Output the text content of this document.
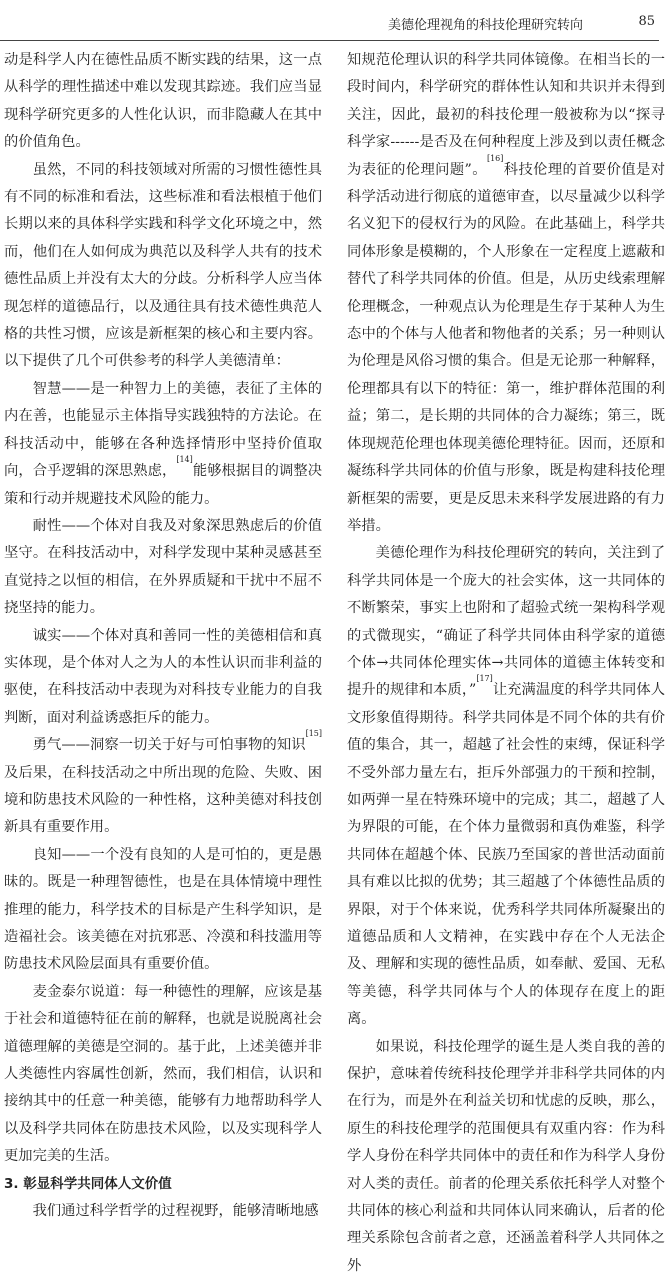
美德伦理视角的科技伦理研究转向	85

动是科学人内在德性品质不断实践的结果，这一点从科学的理性描述中难以发现其踪迹。我们应当显现科学研究更多的人性化认识，而非隐藏人在其中的价值角色。

虽然，不同的科技领域对所需的习惯性德性具有不同的标准和看法，这些标准和看法根植于他们长期以来的具体科学实践和科学文化环境之中，然而，他们在人如何成为典范以及科学人共有的技术德性品质上并没有太大的分歧。分析科学人应当体现怎样的道德品行，以及通往具有技术德性典范人格的共性习惯，应该是新框架的核心和主要内容。以下提供了几个可供参考的科学人美德清单：

智慧——是一种智力上的美德，表征了主体的内在善，也能显示主体指导实践独特的方法论。在科技活动中，能够在各种选择情形中坚持价值取向，合乎逻辑的深思熟虑，[14]能够根据目的调整决策和行动并规避技术风险的能力。

耐性——个体对自我及对象深思熟虑后的价值坚守。在科技活动中，对科学发现中某种灵感甚至直觉持之以恒的相信，在外界质疑和干扰中不屈不挠坚持的能力。

诚实——个体对真和善同一性的美德相信和真实体现，是个体对人之为人的本性认识而非利益的驱使，在科技活动中表现为对科技专业能力的自我判断，面对利益诱惑拒斥的能力。

勇气——洞察一切关于好与可怕事物的知识[15]及后果，在科技活动之中所出现的危险、失败、困境和防患技术风险的一种性格，这种美德对科技创新具有重要作用。

良知——一个没有良知的人是可怕的，更是愚昧的。既是一种理智德性，也是在具体情境中理性推理的能力，科学技术的目标是产生科学知识，是造福社会。该美德在对抗邪恶、冷漠和科技滥用等防患技术风险层面具有重要价值。

麦金泰尔说道：每一种德性的理解，应该是基于社会和道德特征在前的解释，也就是说脱离社会道德理解的美德是空洞的。基于此，上述美德并非人类德性内容属性创新，然而，我们相信，认识和接纳其中的任意一种美德，能够有力地帮助科学人以及科学共同体在防患技术风险，以及实现科学人更加完美的生活。

3. 彰显科学共同体人文价值

我们通过科学哲学的过程视野，能够清晰地感

知规范伦理认识的科学共同体镜像。在相当长的一段时间内，科学研究的群体性认知和共识并未得到关注，因此，最初的科技伦理一般被称为以“探寻科学家------是否及在何种程度上涉及到以责任概念为表征的伦理问题”。[16]科技伦理的首要价值是对科学活动进行彻底的道德审查，以尽量减少以科学名义犯下的侵权行为的风险。在此基础上，科学共同体形象是模糊的，个人形象在一定程度上遮蔽和替代了科学共同体的价值。但是，从历史线索理解伦理概念，一种观点认为伦理是生存于某种人为生态中的个体与人他者和物他者的关系；另一种则认为伦理是风俗习惯的集合。但是无论那一种解释，伦理都具有以下的特征：第一，维护群体范围的利益；第二，是长期的共同体的合力凝练；第三，既体现规范伦理也体现美德伦理特征。因而，还原和凝练科学共同体的价值与形象，既是构建科技伦理新框架的需要，更是反思未来科学发展进路的有力举措。

美德伦理作为科技伦理研究的转向，关注到了科学共同体是一个庞大的社会实体，这一共同体的不断繁荣，事实上也附和了超验式统一架构科学观的式微现实，“确证了科学共同体由科学家的道德个体→共同体伦理实体→共同体的道德主体转变和提升的规律和本质，”[17]让充满温度的科学共同体人文形象值得期待。科学共同体是不同个体的共有价值的集合，其一，超越了社会性的束缚，保证科学不受外部力量左右，拒斥外部强力的干预和控制，如两弹一星在特殊环境中的完成；其二，超越了人为界限的可能，在个体力量微弱和真伪难鉴，科学共同体在超越个体、民族乃至国家的普世活动面前具有难以比拟的优势；其三超越了个体德性品质的界限，对于个体来说，优秀科学共同体所凝聚出的道德品质和人文精神，在实践中存在个人无法企及、理解和实现的德性品质，如奉献、爱国、无私等美德，科学共同体与个人的体现存在度上的距离。

如果说，科技伦理学的诞生是人类自我的善的保护，意味着传统科技伦理学并非科学共同体的内在行为，而是外在利益关切和忧虑的反映，那么，原生的科技伦理学的范围便具有双重内容：作为科学人身份在科学共同体中的责任和作为科学人身份对人类的责任。前者的伦理关系依托科学人对整个共同体的核心利益和共同体认同来确认，后者的伦理关系除包含前者之意，还涵盖着科学人共同体之外
